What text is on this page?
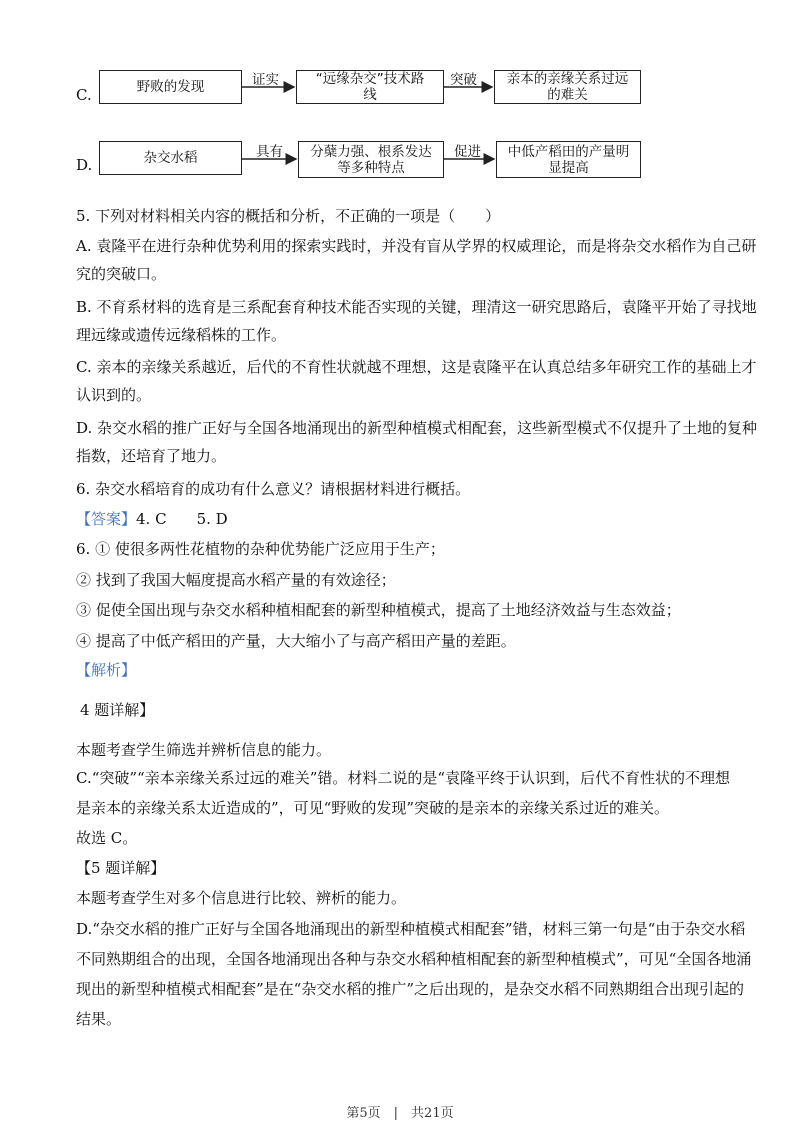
C.	野败的发现	证实	“远缘杂交”技术路
线
突破 亲本的亲缘关系过远
的难关
D.	杂交水稻	具有 分蘖力强、根系发达
等多种特点
促进 中低产稻田的产量明
显提高
5. 下列对材料相关内容的概括和分析，不正确的一项是（　　）
A. 袁隆平在进行杂种优势利用的探索实践时，并没有盲从学界的权威理论，而是将杂交水稻作为自己研
究的突破口。
B. 不育系材料的选育是三系配套育种技术能否实现的关键，理清这一研究思路后，袁隆平开始了寻找地
理远缘或遗传远缘稻株的工作。
C. 亲本的亲缘关系越近，后代的不育性状就越不理想，这是袁隆平在认真总结多年研究工作的基础上才
认识到的。
D. 杂交水稻的推广正好与全国各地涌现出的新型种植模式相配套，这些新型模式不仅提升了土地的复种
指数，还培育了地力。
6. 杂交水稻培育的成功有什么意义？请根据材料进行概括。
【答案】4. C　　5. D
6. ① 使很多两性花植物的杂种优势能广泛应用于生产；
② 找到了我国大幅度提高水稻产量的有效途径；
③ 促使全国出现与杂交水稻种植相配套的新型种植模式，提高了土地经济效益与生态效益；
④ 提高了中低产稻田的产量，大大缩小了与高产稻田产量的差距。
【解析】
4 题详解】
本题考查学生筛选并辨析信息的能力。
C.“突破”“亲本亲缘关系过远的难关”错。材料二说的是“袁隆平终于认识到，后代不育性状的不理想
是亲本的亲缘关系太近造成的”，可见“野败的发现”突破的是亲本的亲缘关系过近的难关。
故选 C。
【5 题详解】
本题考查学生对多个信息进行比较、辨析的能力。
D.“杂交水稻的推广正好与全国各地涌现出的新型种植模式相配套”错，材料三第一句是“由于杂交水稻
不同熟期组合的出现，全国各地涌现出各种与杂交水稻种植相配套的新型种植模式”，可见“全国各地涌
现出的新型种植模式相配套”是在“杂交水稻的推广”之后出现的，是杂交水稻不同熟期组合出现引起的
结果。
第5页　|　共21页
